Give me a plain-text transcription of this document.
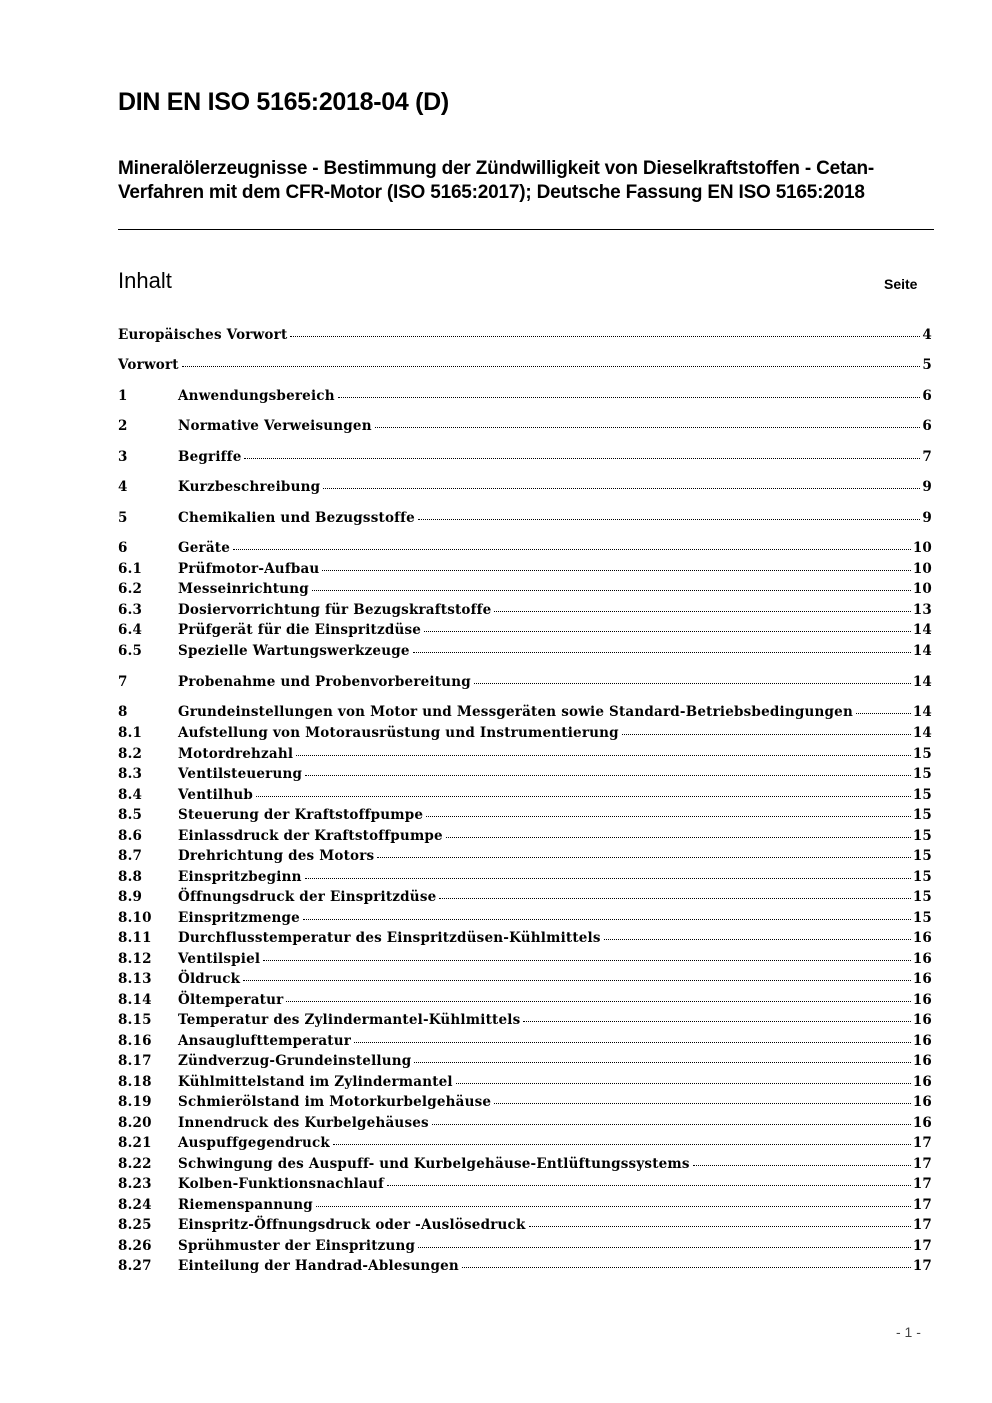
DIN EN ISO 5165:2018-04 (D)
Mineralölerzeugnisse - Bestimmung der Zündwilligkeit von Dieselkraftstoffen - Cetan-Verfahren mit dem CFR-Motor (ISO 5165:2017); Deutsche Fassung EN ISO 5165:2018
Inhalt	Seite
Europäisches Vorwort	4
Vorwort	5
1	Anwendungsbereich	6
2	Normative Verweisungen	6
3	Begriffe	7
4	Kurzbeschreibung	9
5	Chemikalien und Bezugsstoffe	9
6	Geräte	10
6.1	Prüfmotor-Aufbau	10
6.2	Messeinrichtung	10
6.3	Dosiervorrichtung für Bezugskraftstoffe	13
6.4	Prüfgerät für die Einspritzdüse	14
6.5	Spezielle Wartungswerkzeuge	14
7	Probenahme und Probenvorbereitung	14
8	Grundeinstellungen von Motor und Messgeräten sowie Standard-Betriebsbedingungen	14
8.1	Aufstellung von Motorausrüstung und Instrumentierung	14
8.2	Motordrehzahl	15
8.3	Ventilsteuerung	15
8.4	Ventilhub	15
8.5	Steuerung der Kraftstoffpumpe	15
8.6	Einlassdruck der Kraftstoffpumpe	15
8.7	Drehrichtung des Motors	15
8.8	Einspritzbeginn	15
8.9	Öffnungsdruck der Einspritzdüse	15
8.10	Einspritzmenge	15
8.11	Durchflusstemperatur des Einspritzdüsen-Kühlmittels	16
8.12	Ventilspiel	16
8.13	Öldruck	16
8.14	Öltemperatur	16
8.15	Temperatur des Zylindermantel-Kühlmittels	16
8.16	Ansauglufttemperatur	16
8.17	Zündverzug-Grundeinstellung	16
8.18	Kühlmittelstand im Zylindermantel	16
8.19	Schmierölstand im Motorkurbelgehäuse	16
8.20	Innendruck des Kurbelgehäuses	16
8.21	Auspuffgegendruck	17
8.22	Schwingung des Auspuff- und Kurbelgehäuse-Entlüftungssystems	17
8.23	Kolben-Funktionsnachlauf	17
8.24	Riemenspannung	17
8.25	Einspritz-Öffnungsdruck oder -Auslösedruck	17
8.26	Sprühmuster der Einspritzung	17
8.27	Einteilung der Handrad-Ablesungen	17
- 1 -
